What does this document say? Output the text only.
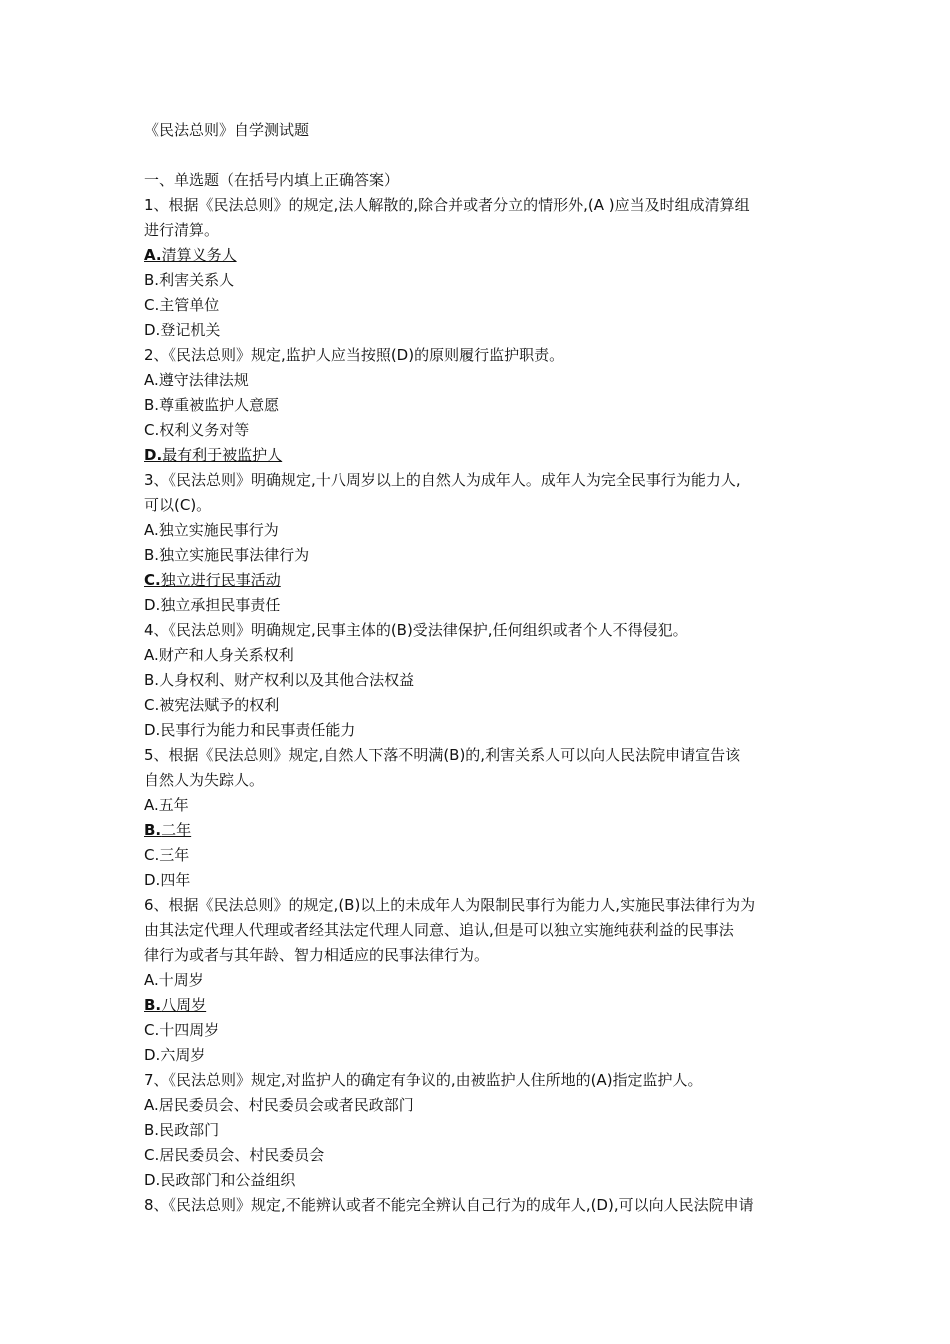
《民法总则》自学测试题
一、单选题（在括号内填上正确答案）
1、根据《民法总则》的规定,法人解散的,除合并或者分立的情形外,(A )应当及时组成清算组
进行清算。
A.清算义务人
B.利害关系人
C.主管单位
D.登记机关
2、《民法总则》规定,监护人应当按照(D)的原则履行监护职责。
A.遵守法律法规
B.尊重被监护人意愿
C.权利义务对等
D.最有利于被监护人
3、《民法总则》明确规定,十八周岁以上的自然人为成年人。成年人为完全民事行为能力人,
可以(C)。
A.独立实施民事行为
B.独立实施民事法律行为
C.独立进行民事活动
D.独立承担民事责任
4、《民法总则》明确规定,民事主体的(B)受法律保护,任何组织或者个人不得侵犯。
A.财产和人身关系权利
B.人身权利、财产权利以及其他合法权益
C.被宪法赋予的权利
D.民事行为能力和民事责任能力
5、根据《民法总则》规定,自然人下落不明满(B)的,利害关系人可以向人民法院申请宣告该
自然人为失踪人。
A.五年
B.二年
C.三年
D.四年
6、根据《民法总则》的规定,(B)以上的未成年人为限制民事行为能力人,实施民事法律行为为
由其法定代理人代理或者经其法定代理人同意、追认,但是可以独立实施纯获利益的民事法
律行为或者与其年龄、智力相适应的民事法律行为。
A.十周岁
B.八周岁
C.十四周岁
D.六周岁
7、《民法总则》规定,对监护人的确定有争议的,由被监护人住所地的(A)指定监护人。
A.居民委员会、村民委员会或者民政部门
B.民政部门
C.居民委员会、村民委员会
D.民政部门和公益组织
8、《民法总则》规定,不能辨认或者不能完全辨认自己行为的成年人,(D),可以向人民法院申请
